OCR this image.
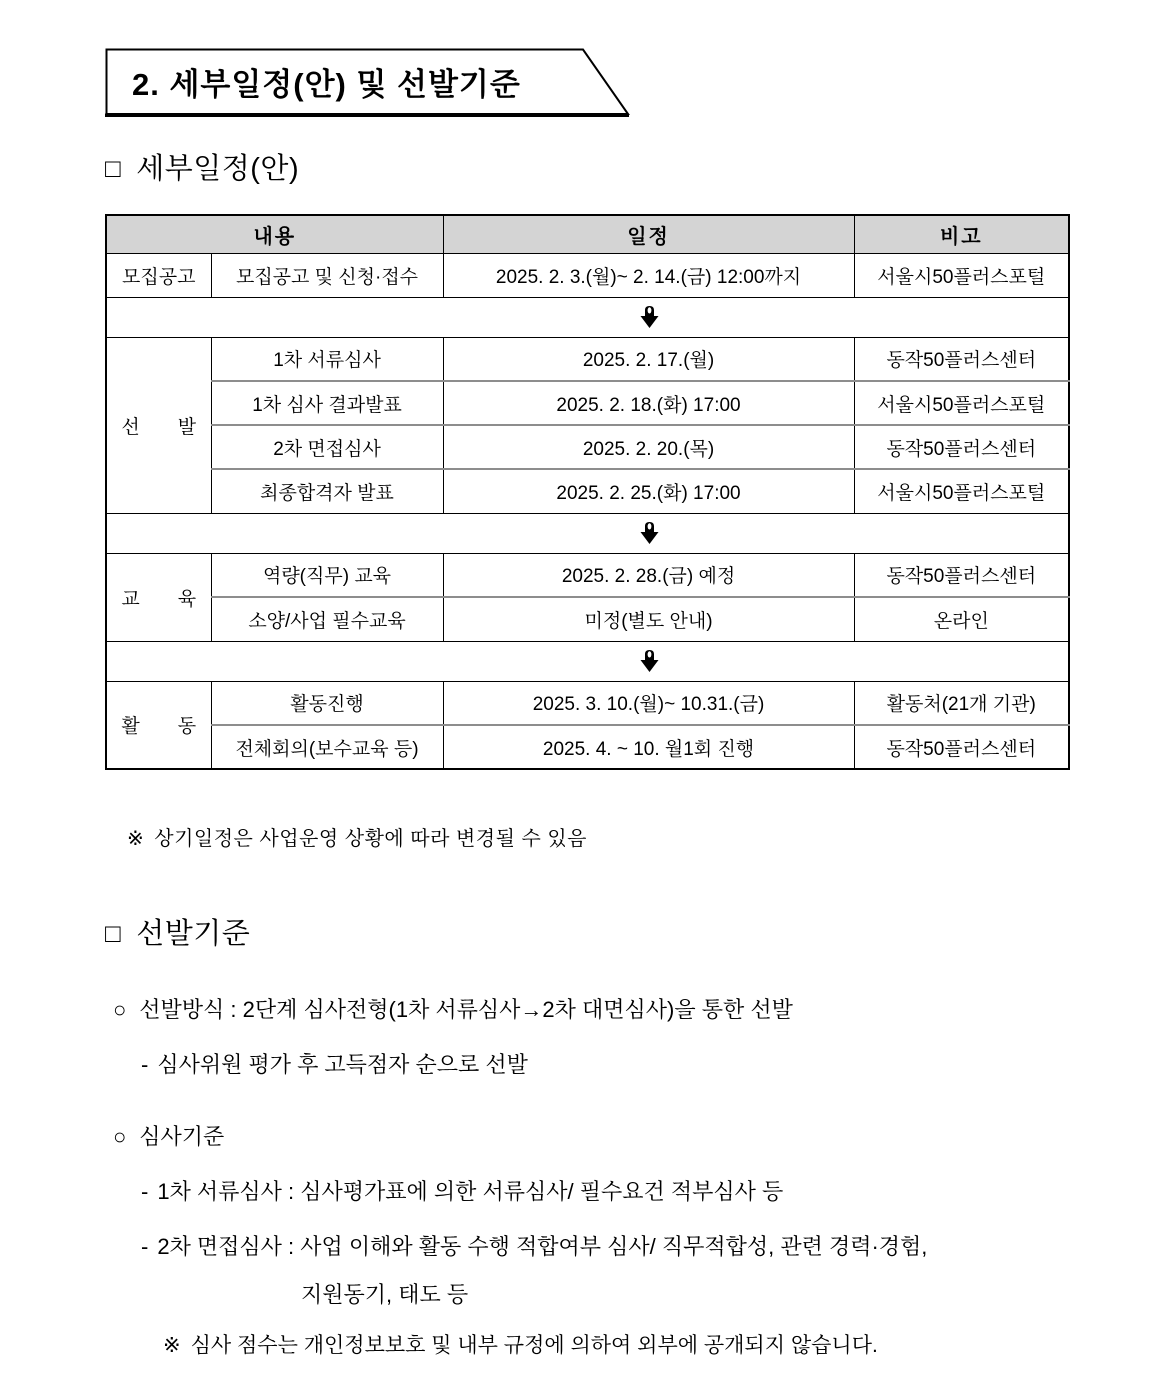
2. 세부일정(안) 및 선발기준
□ 세부일정(안)
내용		일정	비고
모집공고	모집공고 및 신청·접수	2025. 2. 3.(월)~ 2. 14.(금) 12:00까지	서울시50플러스포털

선　　발	1차 서류심사	2025. 2. 17.(월)	동작50플러스센터
	1차 심사 결과발표	2025. 2. 18.(화) 17:00	서울시50플러스포털
	2차 면접심사	2025. 2. 20.(목)	동작50플러스센터
	최종합격자 발표	2025. 2. 25.(화) 17:00	서울시50플러스포털

교　　육	역량(직무) 교육	2025. 2. 28.(금) 예정	동작50플러스센터
	소양/사업 필수교육	미정(별도 안내)	온라인

활　　동	활동진행	2025. 3. 10.(월)~ 10.31.(금)	활동처(21개 기관)
	전체회의(보수교육 등)	2025. 4. ~ 10. 월1회 진행	동작50플러스센터
※ 상기일정은 사업운영 상황에 따라 변경될 수 있음
□ 선발기준
○ 선발방식 : 2단계 심사전형(1차 서류심사→2차 대면심사)을 통한 선발
- 심사위원 평가 후 고득점자 순으로 선발
○ 심사기준
- 1차 서류심사 : 심사평가표에 의한 서류심사/ 필수요건 적부심사 등
- 2차 면접심사 : 사업 이해와 활동 수행 적합여부 심사/ 직무적합성, 관련 경력·경험,
지원동기, 태도 등
※ 심사 점수는 개인정보보호 및 내부 규정에 의하여 외부에 공개되지 않습니다.
